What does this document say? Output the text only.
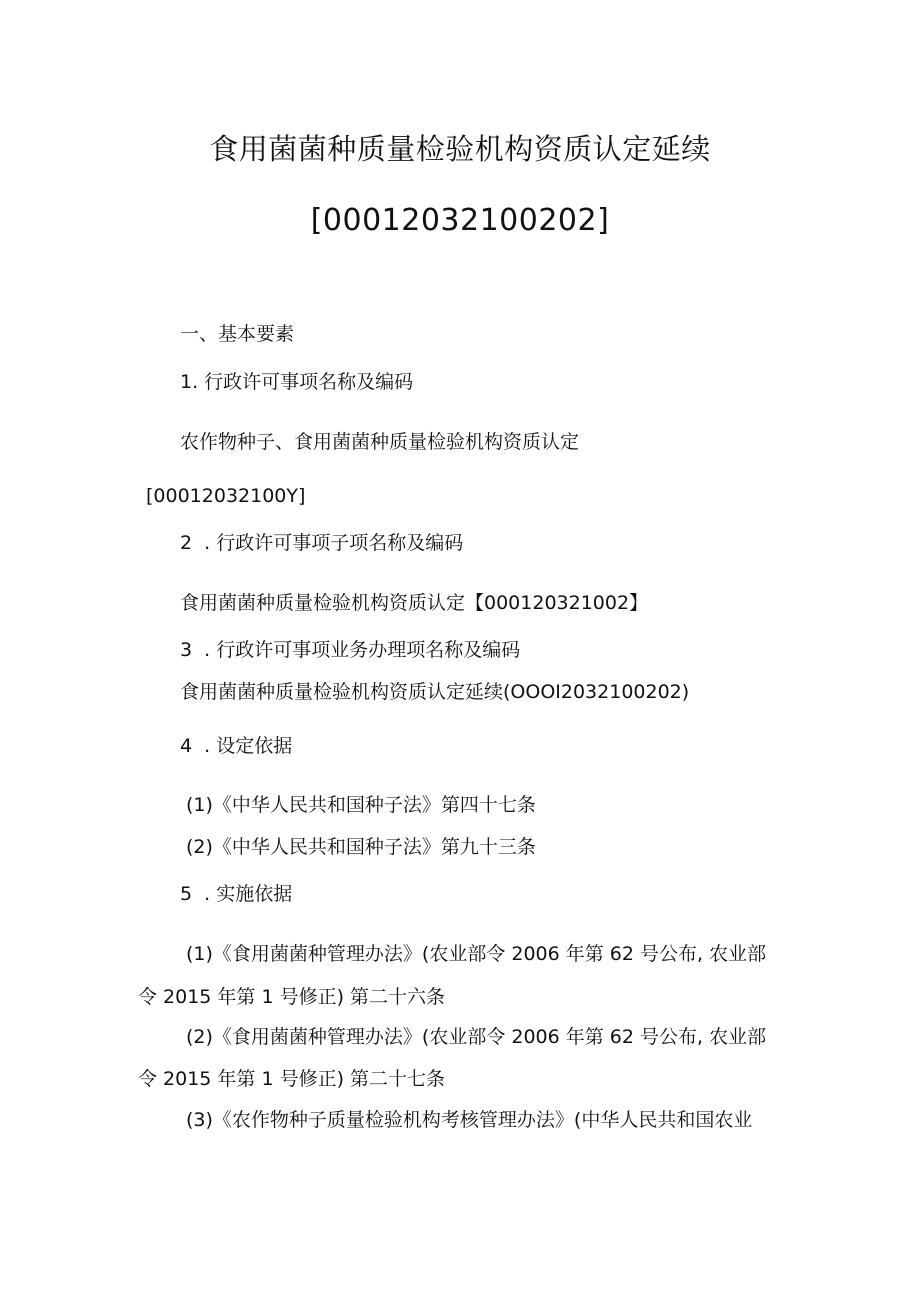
食用菌菌种质量检验机构资质认定延续
[00012032100202]

一、基本要素

1. 行政许可事项名称及编码

农作物种子、食用菌菌种质量检验机构资质认定

[00012032100Y]

2  . 行政许可事项子项名称及编码

食用菌菌种质量检验机构资质认定【000120321002】

3  . 行政许可事项业务办理项名称及编码

食用菌菌种质量检验机构资质认定延续(OOOI2032100202)

4  . 设定依据

(1)《中华人民共和国种子法》第四十七条

(2)《中华人民共和国种子法》第九十三条

5  . 实施依据

(1)《食用菌菌种管理办法》(农业部令 2006 年第 62 号公布, 农业部

令 2015 年第 1 号修正) 第二十六条

(2)《食用菌菌种管理办法》(农业部令 2006 年第 62 号公布, 农业部

令 2015 年第 1 号修正) 第二十七条

(3)《农作物种子质量检验机构考核管理办法》(中华人民共和国农业
